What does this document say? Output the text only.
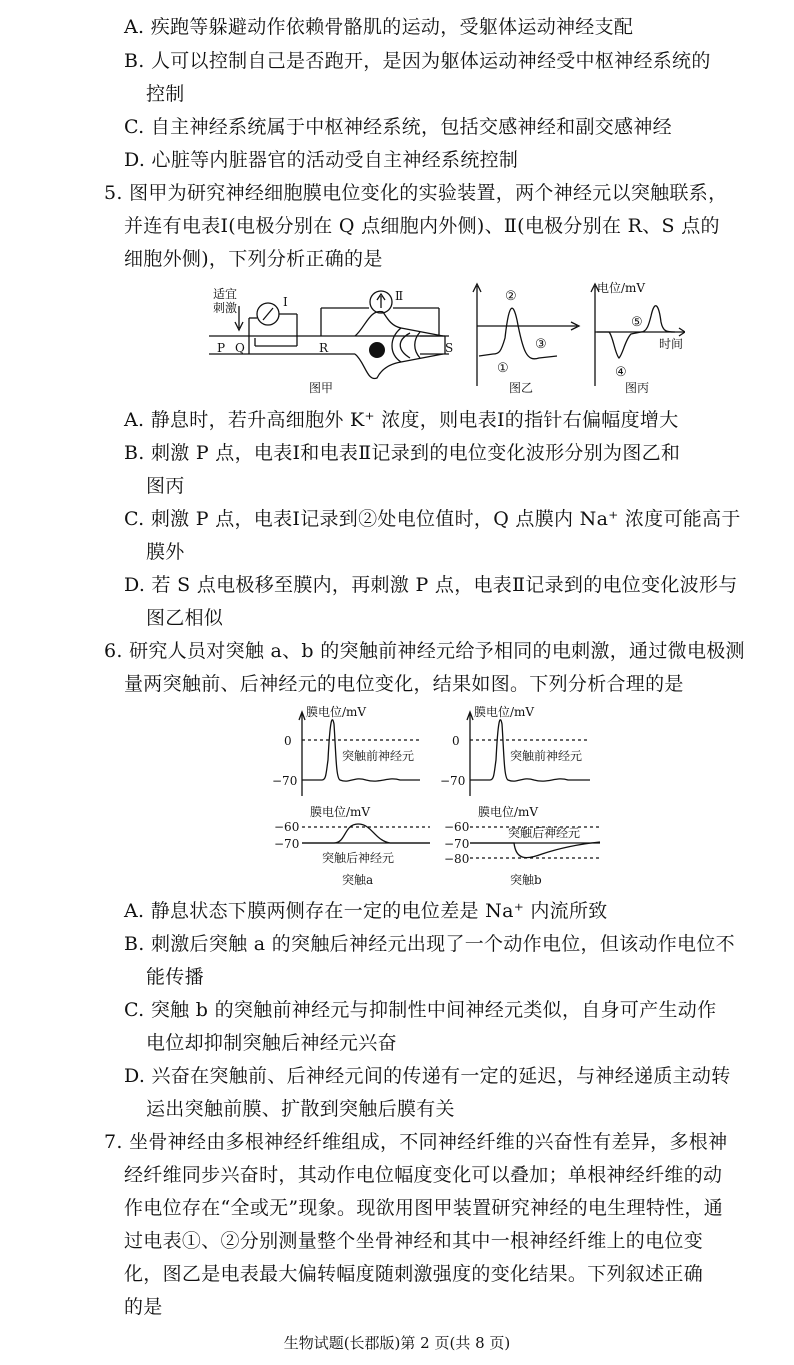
A. 疾跑等躲避动作依赖骨骼肌的运动，受躯体运动神经支配
B. 人可以控制自己是否跑开，是因为躯体运动神经受中枢神经系统的
控制
C. 自主神经系统属于中枢神经系统，包括交感神经和副交感神经
D. 心脏等内脏器官的活动受自主神经系统控制
5. 图甲为研究神经细胞膜电位变化的实验装置，两个神经元以突触联系，
并连有电表Ⅰ(电极分别在 Q 点细胞内外侧)、Ⅱ(电极分别在 R、S 点的
细胞外侧)，下列分析正确的是
适宜
刺激
P Q	R	S
Ⅰ	Ⅱ
图甲
②
①
③
图乙
电位/mV
时间
⑤
④
图丙
A. 静息时，若升高细胞外 K⁺ 浓度，则电表Ⅰ的指针右偏幅度增大
B. 刺激 P 点，电表Ⅰ和电表Ⅱ记录到的电位变化波形分别为图乙和
图丙
C. 刺激 P 点，电表Ⅰ记录到②处电位值时，Q 点膜内 Na⁺ 浓度可能高于
膜外
D. 若 S 点电极移至膜内，再刺激 P 点，电表Ⅱ记录到的电位变化波形与
图乙相似
6. 研究人员对突触 a、b 的突触前神经元给予相同的电刺激，通过微电极测
量两突触前、后神经元的电位变化，结果如图。下列分析合理的是
膜电位/mV
0
−70
突触前神经元
膜电位/mV
0
−70
突触前神经元
膜电位/mV
−60
−70
突触后神经元
突触a
膜电位/mV
−60
−70
−80
突触后神经元
突触b
A. 静息状态下膜两侧存在一定的电位差是 Na⁺ 内流所致
B. 刺激后突触 a 的突触后神经元出现了一个动作电位，但该动作电位不
能传播
C. 突触 b 的突触前神经元与抑制性中间神经元类似，自身可产生动作
电位却抑制突触后神经元兴奋
D. 兴奋在突触前、后神经元间的传递有一定的延迟，与神经递质主动转
运出突触前膜、扩散到突触后膜有关
7. 坐骨神经由多根神经纤维组成，不同神经纤维的兴奋性有差异，多根神
经纤维同步兴奋时，其动作电位幅度变化可以叠加；单根神经纤维的动
作电位存在“全或无”现象。现欲用图甲装置研究神经的电生理特性，通
过电表①、②分别测量整个坐骨神经和其中一根神经纤维上的电位变
化，图乙是电表最大偏转幅度随刺激强度的变化结果。下列叙述正确
的是
生物试题(长郡版)第 2 页(共 8 页)
